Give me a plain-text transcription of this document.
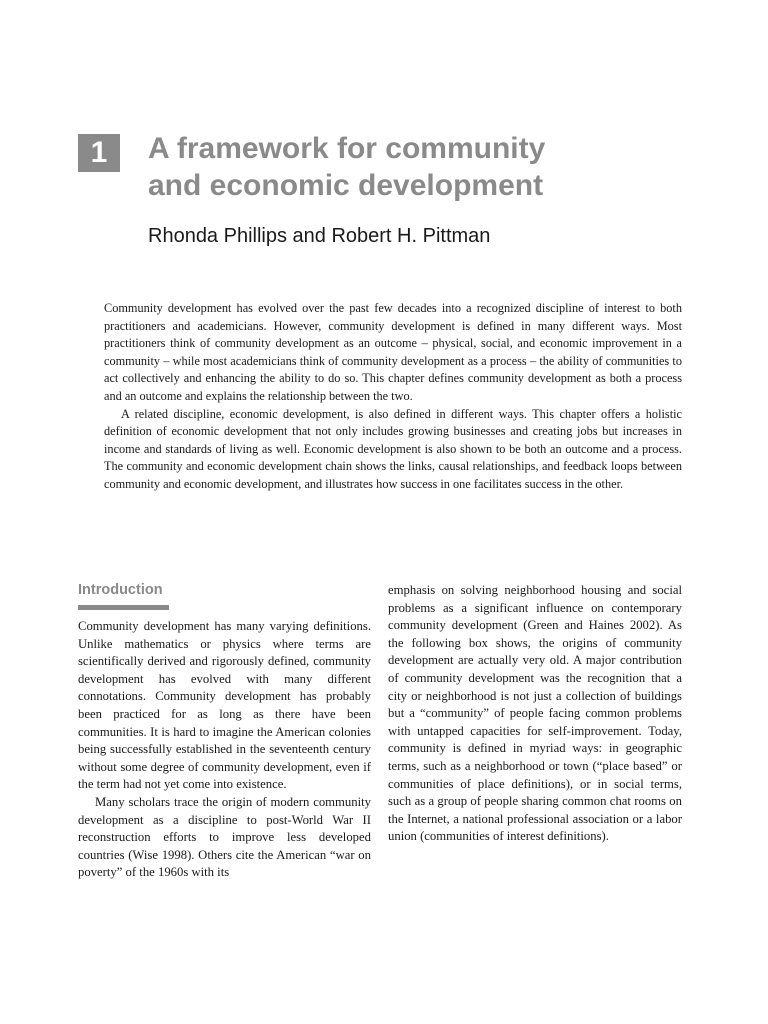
1	A framework for community
and economic development

Rhonda Phillips and Robert H. Pittman

Community development has evolved over the past few decades into a recognized discipline of interest to both practitioners and academicians. However, community development is defined in many different ways. Most practitioners think of community development as an outcome – physical, social, and economic improvement in a community – while most academicians think of community development as a process – the ability of communities to act collectively and enhancing the ability to do so. This chapter defines community development as both a process and an outcome and explains the relationship between the two.

A related discipline, economic development, is also defined in different ways. This chapter offers a holistic definition of economic development that not only includes growing businesses and creating jobs but increases in income and standards of living as well. Economic development is also shown to be both an outcome and a process. The community and economic development chain shows the links, causal relationships, and feedback loops between community and economic development, and illustrates how success in one facilitates success in the other.

Introduction

Community development has many varying definitions. Unlike mathematics or physics where terms are scientifically derived and rigorously defined, community development has evolved with many different connotations. Community development has probably been practiced for as long as there have been communities. It is hard to imagine the American colonies being successfully established in the seventeenth century without some degree of community development, even if the term had not yet come into existence.

Many scholars trace the origin of modern community development as a discipline to post-World War II reconstruction efforts to improve less developed countries (Wise 1998). Others cite the American “war on poverty” of the 1960s with its

emphasis on solving neighborhood housing and social problems as a significant influence on contemporary community development (Green and Haines 2002). As the following box shows, the origins of community development are actually very old. A major contribution of community development was the recognition that a city or neighborhood is not just a collection of buildings but a “community” of people facing common problems with untapped capacities for self-improvement. Today, community is defined in myriad ways: in geographic terms, such as a neighborhood or town (“place based” or communities of place definitions), or in social terms, such as a group of people sharing common chat rooms on the Internet, a national professional association or a labor union (communities of interest definitions).
